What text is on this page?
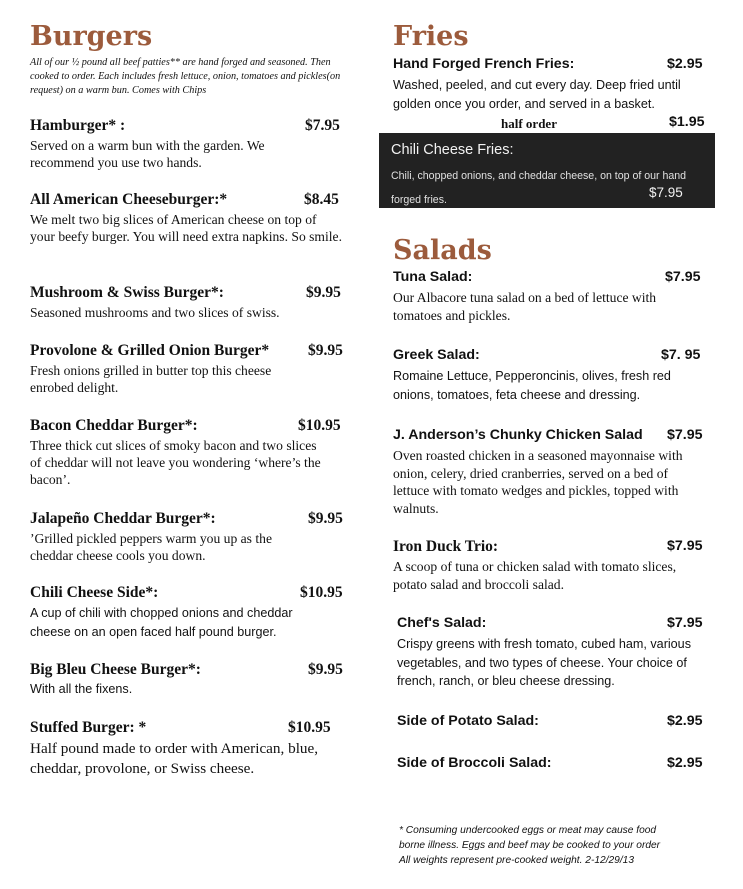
Burgers
All of our ½ pound all beef patties** are hand forged and seasoned. Then cooked to order. Each includes fresh lettuce, onion, tomatoes and pickles(on request) on a warm bun. Comes with Chips
Hamburger* :	$7.95
Served on a warm bun with the garden. We recommend you use two hands.
All American Cheeseburger:*	$8.45
We melt two big slices of American cheese on top of your beefy burger. You will need extra napkins. So smile.
Mushroom & Swiss Burger*:	$9.95
Seasoned mushrooms and two slices of swiss.
Provolone & Grilled Onion Burger*	$9.95
Fresh onions grilled in butter top this cheese enrobed delight.
Bacon Cheddar Burger*:	$10.95
Three thick cut slices of smoky bacon and two slices of cheddar will not leave you wondering ‘where’s the bacon’.
Jalapeño Cheddar Burger*:	$9.95
’Grilled pickled peppers warm you up as the cheddar cheese cools you down.
Chili Cheese Side*:	$10.95
A cup of chili with chopped onions and cheddar cheese on an open faced half pound burger.
Big Bleu Cheese Burger*:	$9.95
With all the fixens.
Stuffed Burger: *	$10.95
Half pound made to order with American, blue, cheddar, provolone, or Swiss cheese.
Fries
Hand Forged French Fries:	$2.95
Washed, peeled, and cut every day. Deep fried until golden once you order, and served in a basket.
half order	$1.95
Salads
Tuna Salad:	$7.95
Our Albacore tuna salad on a bed of lettuce with tomatoes and pickles.
Greek Salad:	$7. 95
Romaine Lettuce, Pepperoncinis, olives, fresh red onions, tomatoes, feta cheese and dressing.
J. Anderson’s Chunky Chicken Salad $7.95
Oven roasted chicken in a seasoned mayonnaise with onion, celery, dried cranberries, served on a bed of lettuce with tomato wedges and pickles, topped with walnuts.
Iron Duck Trio:	$7.95
A scoop of tuna or chicken salad with tomato slices, potato salad and broccoli salad.
Chef's Salad:	$7.95
Crispy greens with fresh tomato, cubed ham, various vegetables, and two types of cheese. Your choice of french, ranch, or bleu cheese dressing.
Side of Potato Salad:	$2.95
Side of Broccoli Salad:	$2.95
Chili Cheese Fries:
Chili, chopped onions, and cheddar cheese, on top of our hand forged fries.	$7.95
* Consuming undercooked eggs or meat may cause food
borne illness. Eggs and beef may be cooked to your order
All weights represent pre-cooked weight. 2-12/29/13
